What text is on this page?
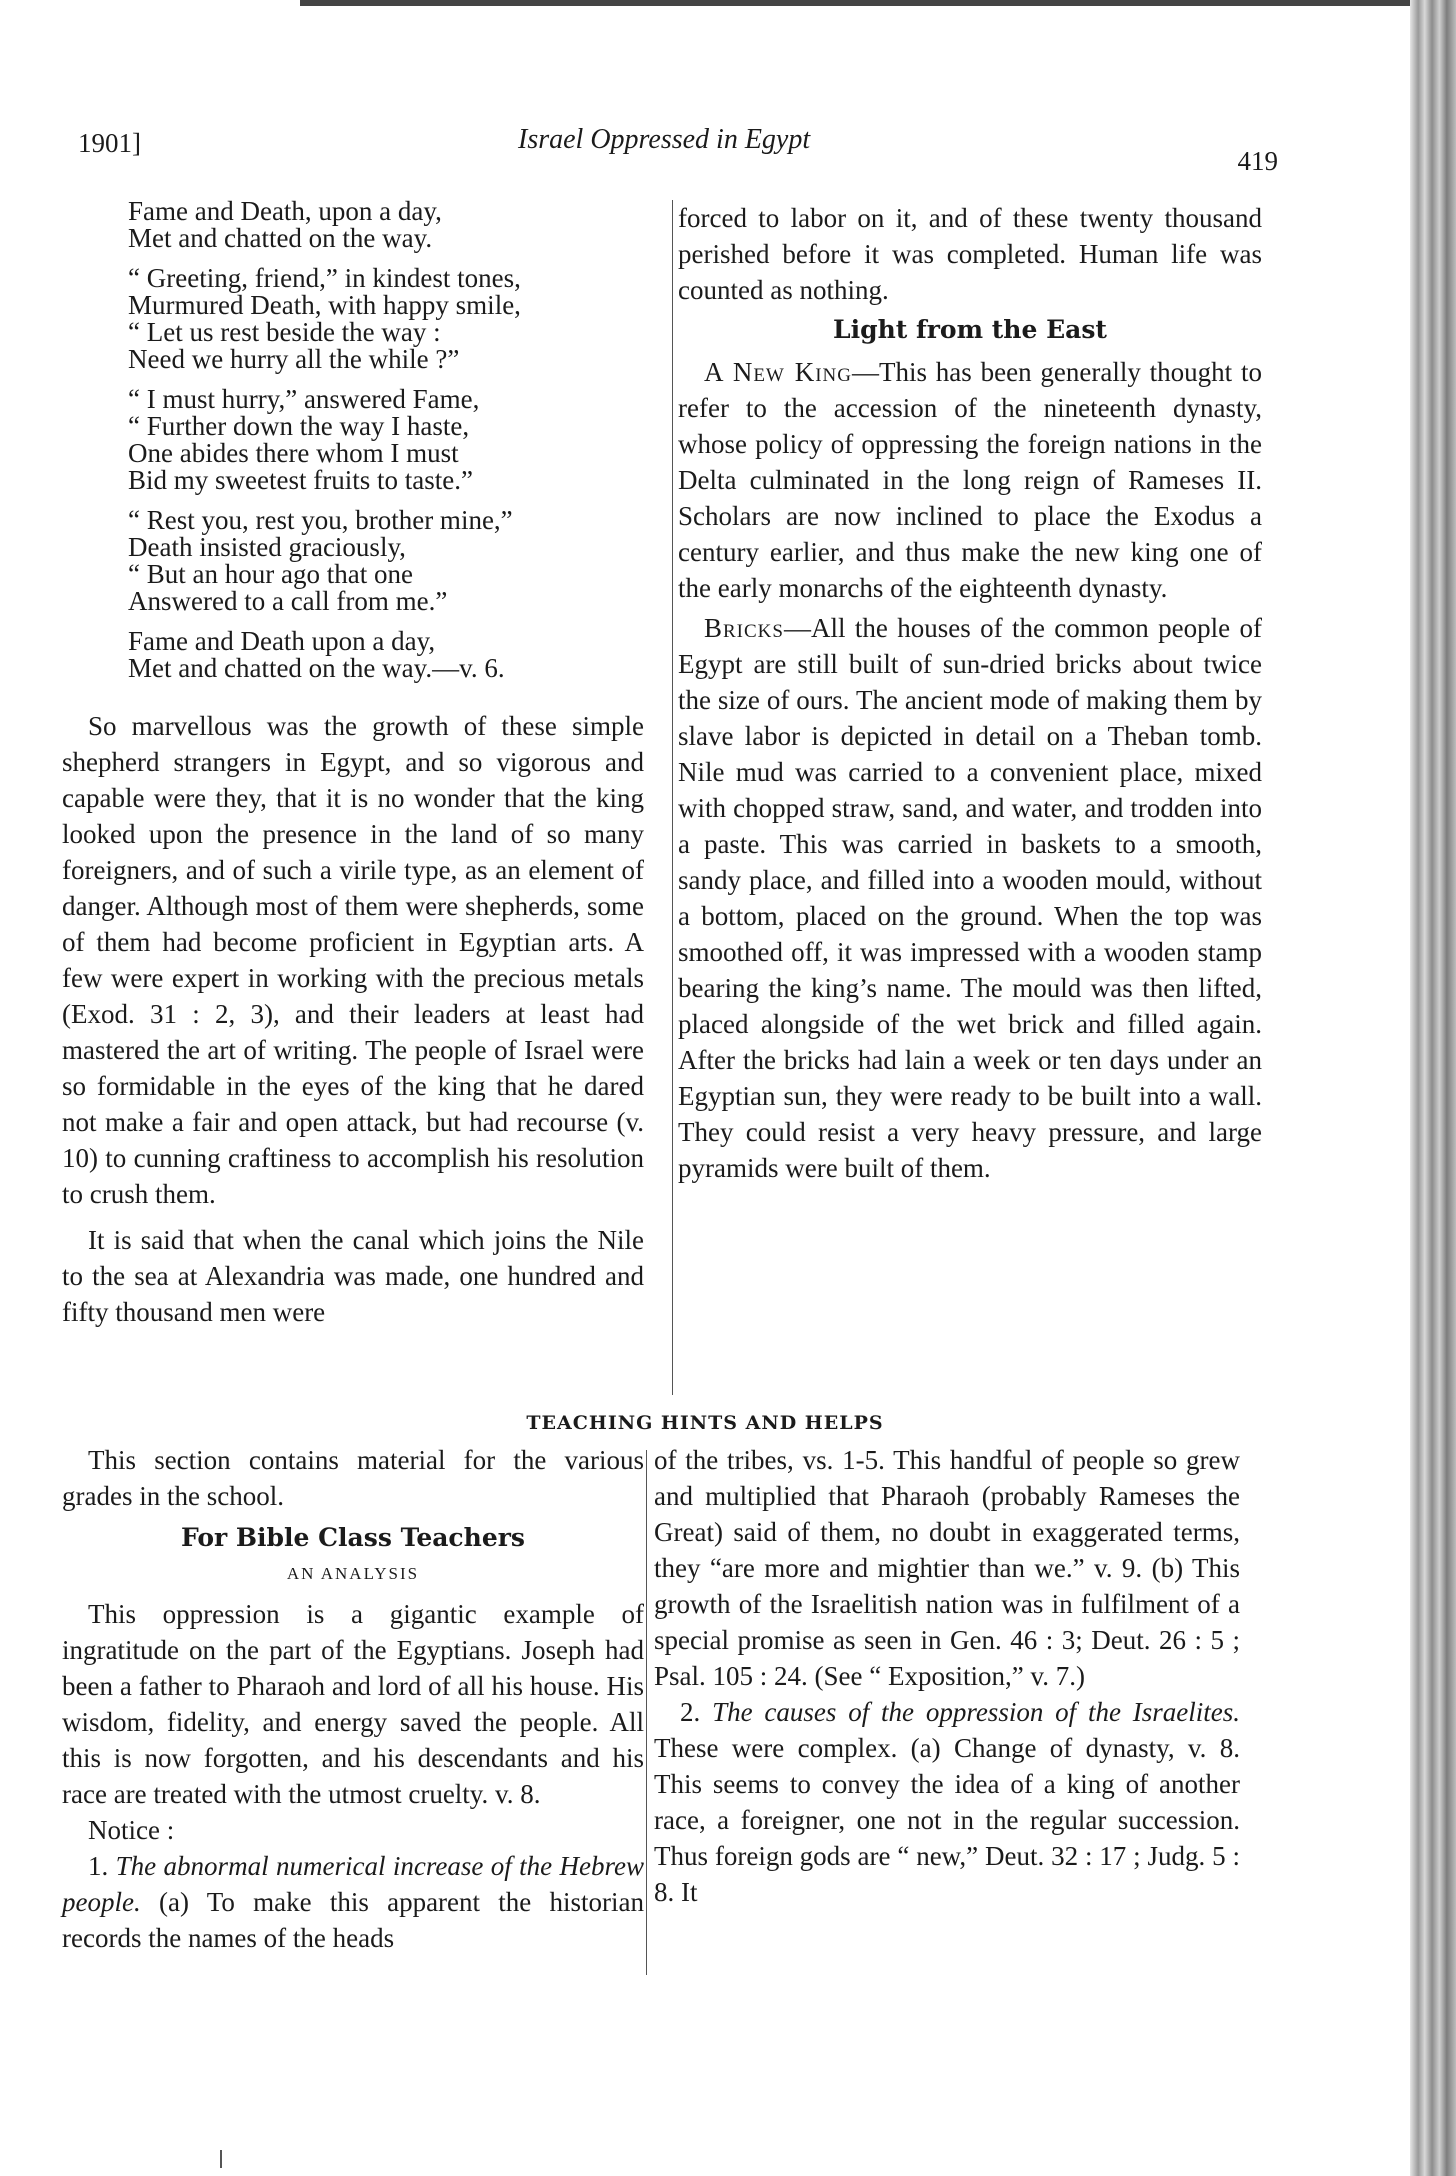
1901]	Israel Oppressed in Egypt
419
Fame and Death, upon a day,
Met and chatted on the way.
“ Greeting, friend,” in kindest tones,
Murmured Death, with happy smile,
“ Let us rest beside the way :
Need we hurry all the while ?”
“ I must hurry,” answered Fame,
“ Further down the way I haste,
One abides there whom I must
Bid my sweetest fruits to taste.”
“ Rest you, rest you, brother mine,”
Death insisted graciously,
“ But an hour ago that one
Answered to a call from me.”
Fame and Death upon a day,
Met and chatted on the way.—v. 6.

So marvellous was the growth of these simple shepherd strangers in Egypt, and so vigorous and capable were they, that it is no wonder that the king looked upon the presence in the land of so many foreigners, and of such a virile type, as an element of danger. Although most of them were shepherds, some of them had become proficient in Egyptian arts. A few were expert in working with the precious metals (Exod. 31 : 2, 3), and their leaders at least had mastered the art of writing. The people of Israel were so formidable in the eyes of the king that he dared not make a fair and open attack, but had recourse (v. 10) to cunning craftiness to accomplish his resolution to crush them.

It is said that when the canal which joins the Nile to the sea at Alexandria was made, one hundred and fifty thousand men were

forced to labor on it, and of these twenty thousand perished before it was completed. Human life was counted as nothing.

Light from the East

A New King—This has been generally thought to refer to the accession of the nineteenth dynasty, whose policy of oppressing the foreign nations in the Delta culminated in the long reign of Rameses II. Scholars are now inclined to place the Exodus a century earlier, and thus make the new king one of the early monarchs of the eighteenth dynasty.

Bricks—All the houses of the common people of Egypt are still built of sun-dried bricks about twice the size of ours. The ancient mode of making them by slave labor is depicted in detail on a Theban tomb. Nile mud was carried to a convenient place, mixed with chopped straw, sand, and water, and trodden into a paste. This was carried in baskets to a smooth, sandy place, and filled into a wooden mould, without a bottom, placed on the ground. When the top was smoothed off, it was impressed with a wooden stamp bearing the king’s name. The mould was then lifted, placed alongside of the wet brick and filled again. After the bricks had lain a week or ten days under an Egyptian sun, they were ready to be built into a wall. They could resist a very heavy pressure, and large pyramids were built of them.

TEACHING HINTS AND HELPS

This section contains material for the various grades in the school.

For Bible Class Teachers
AN ANALYSIS

This oppression is a gigantic example of ingratitude on the part of the Egyptians. Joseph had been a father to Pharaoh and lord of all his house. His wisdom, fidelity, and energy saved the people. All this is now forgotten, and his descendants and his race are treated with the utmost cruelty. v. 8.

Notice :

1. The abnormal numerical increase of the Hebrew people. (a) To make this apparent the historian records the names of the heads

of the tribes, vs. 1-5. This handful of people so grew and multiplied that Pharaoh (probably Rameses the Great) said of them, no doubt in exaggerated terms, they “are more and mightier than we.” v. 9. (b) This growth of the Israelitish nation was in fulfilment of a special promise as seen in Gen. 46 : 3; Deut. 26 : 5 ; Psal. 105 : 24. (See “ Exposition,” v. 7.)

2. The causes of the oppression of the Israelites. These were complex. (a) Change of dynasty, v. 8. This seems to convey the idea of a king of another race, a foreigner, one not in the regular succession. Thus foreign gods are “ new,” Deut. 32 : 17 ; Judg. 5 : 8. It
